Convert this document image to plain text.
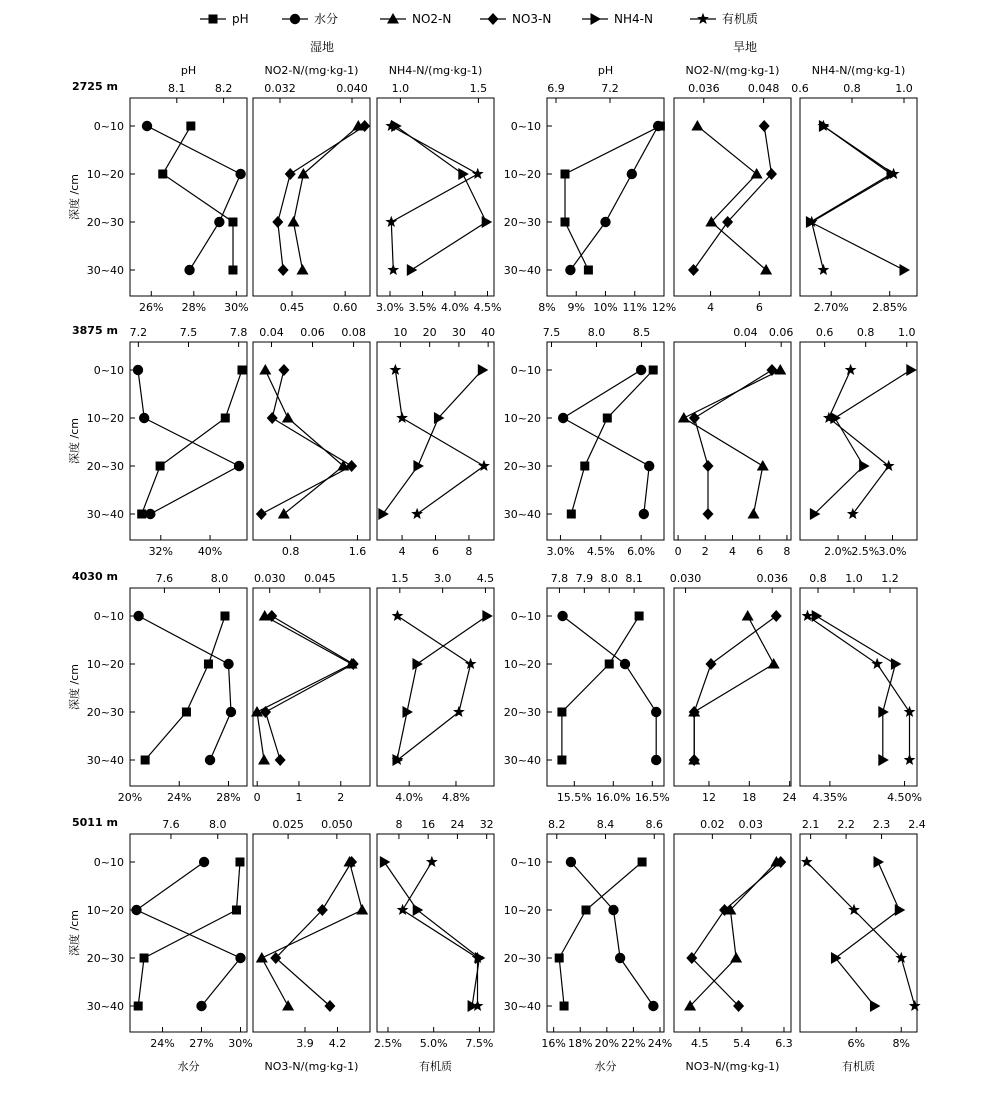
pH	水分	NO2-N	NO3-N	NH4-N	有机质
湿地	旱地
2725 m
深度 /cm
pH
0~10
10~20
20~30
30~40
8.1	8.2
26% 28% 30%
NO2-N/(mg·kg-1)
0.032	0.040
0.45	0.60
NH4-N/(mg·kg-1)
1.0	1.5
3.0% 3.5% 4.0% 4.5%
pH
0~10
10~20
20~30
30~40
6.9	7.2
8% 9% 10% 11% 12%
NO2-N/(mg·kg-1)
0.036	0.048
4	6
NH4-N/(mg·kg-1)
0.6	0.8	1.0
2.70% 2.85%
3875 m
深度 /cm
0~10
10~20
20~30
30~40
7.2	7.5	7.8
32% 40%
0.04 0.06 0.08
0.8	1.6
10 20 30 40
4 6 8
0~10
10~20
20~30
30~40
7.5	8.0	8.5
3.0% 4.5% 6.0%
0.04 0.06
0 2 4 6 8
0.6 0.8 1.0
2.0% 2.5% 3.0%
4030 m
深度 /cm
0~10
10~20
20~30
30~40
7.6	8.0
20% 24% 28%
0.030 0.045
0	1	2
1.5 3.0 4.5
4.0% 4.8%
0~10
10~20
20~30
30~40
7.8 7.9 8.0 8.1
15.5% 16.0% 16.5%
0.030	0.036
12 18 24
0.8 1.0 1.2
4.35%	4.50%
5011 m
深度 /cm
水分
0~10
10~20
20~30
30~40
7.6	8.0
24% 27% 30%
NO3-N/(mg·kg-1)
0.025 0.050
3.9 4.2
有机质
8 16 24 32
2.5% 5.0% 7.5%
水分
0~10
10~20
20~30
30~40
8.2	8.4	8.6
16% 18% 20% 22% 24%
NO3-N/(mg·kg-1)
0.02 0.03
4.5 5.4 6.3
有机质
2.1 2.2 2.3 2.4
6%	8%
